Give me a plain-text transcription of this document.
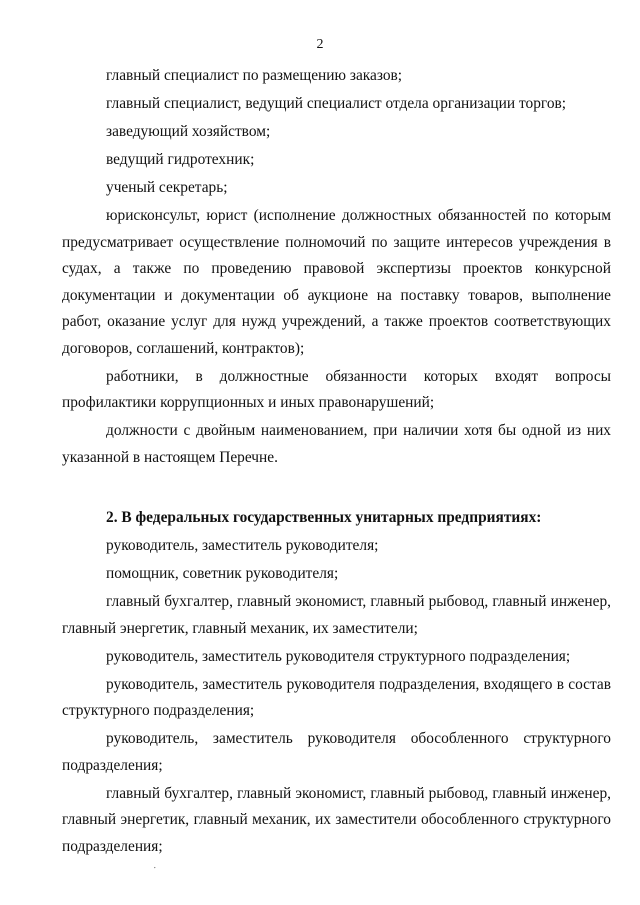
2

главный специалист по размещению заказов;

главный специалист, ведущий специалист отдела организации торгов;

заведующий хозяйством;

ведущий гидротехник;

ученый секретарь;

юрисконсульт, юрист (исполнение должностных обязанностей по которым предусматривает осуществление полномочий по защите интересов учреждения в судах, а также по проведению правовой экспертизы проектов конкурсной документации и документации об аукционе на поставку товаров, выполнение работ, оказание услуг для нужд учреждений, а также проектов соответствующих договоров, соглашений, контрактов);

работники, в должностные обязанности которых входят вопросы профилактики коррупционных и иных правонарушений;

должности с двойным наименованием, при наличии хотя бы одной из них указанной в настоящем Перечне.

2. В федеральных государственных унитарных предприятиях:

руководитель, заместитель руководителя;

помощник, советник руководителя;

главный бухгалтер, главный экономист, главный рыбовод, главный инженер, главный энергетик, главный механик, их заместители;

руководитель, заместитель руководителя структурного подразделения;

руководитель, заместитель руководителя подразделения, входящего в состав структурного подразделения;

руководитель, заместитель руководителя обособленного структурного подразделения;

главный бухгалтер, главный экономист, главный рыбовод, главный инженер, главный энергетик, главный механик, их заместители обособленного структурного подразделения;

⠂
